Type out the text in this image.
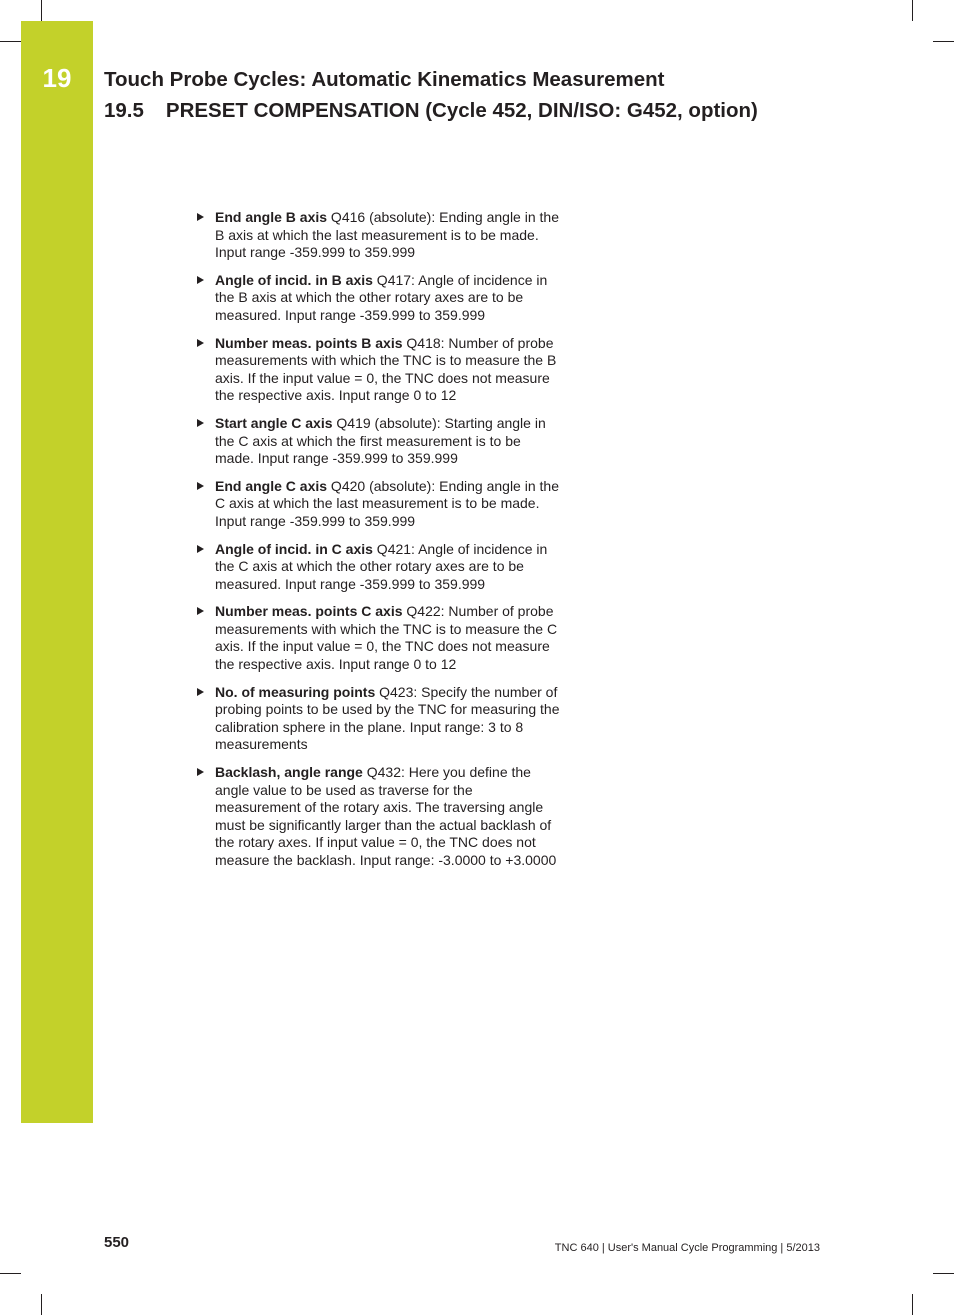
19	Touch Probe Cycles: Automatic Kinematics Measurement
19.5 PRESET COMPENSATION (Cycle 452, DIN/ISO: G452, option)
End angle B axis Q416 (absolute): Ending angle in the B axis at which the last measurement is to be made. Input range -359.999 to 359.999
Angle of incid. in B axis Q417: Angle of incidence in the B axis at which the other rotary axes are to be measured. Input range -359.999 to 359.999
Number meas. points B axis Q418: Number of probe measurements with which the TNC is to measure the B axis. If the input value = 0, the TNC does not measure the respective axis. Input range 0 to 12
Start angle C axis Q419 (absolute): Starting angle in the C axis at which the first measurement is to be made. Input range -359.999 to 359.999
End angle C axis Q420 (absolute): Ending angle in the C axis at which the last measurement is to be made. Input range -359.999 to 359.999
Angle of incid. in C axis Q421: Angle of incidence in the C axis at which the other rotary axes are to be measured. Input range -359.999 to 359.999
Number meas. points C axis Q422: Number of probe measurements with which the TNC is to measure the C axis. If the input value = 0, the TNC does not measure the respective axis. Input range 0 to 12
No. of measuring points Q423: Specify the number of probing points to be used by the TNC for measuring the calibration sphere in the plane. Input range: 3 to 8 measurements
Backlash, angle range Q432: Here you define the angle value to be used as traverse for the measurement of the rotary axis. The traversing angle must be significantly larger than the actual backlash of the rotary axes. If input value = 0, the TNC does not measure the backlash. Input range: -3.0000 to +3.0000
550	TNC 640 | User's Manual Cycle Programming | 5/2013
